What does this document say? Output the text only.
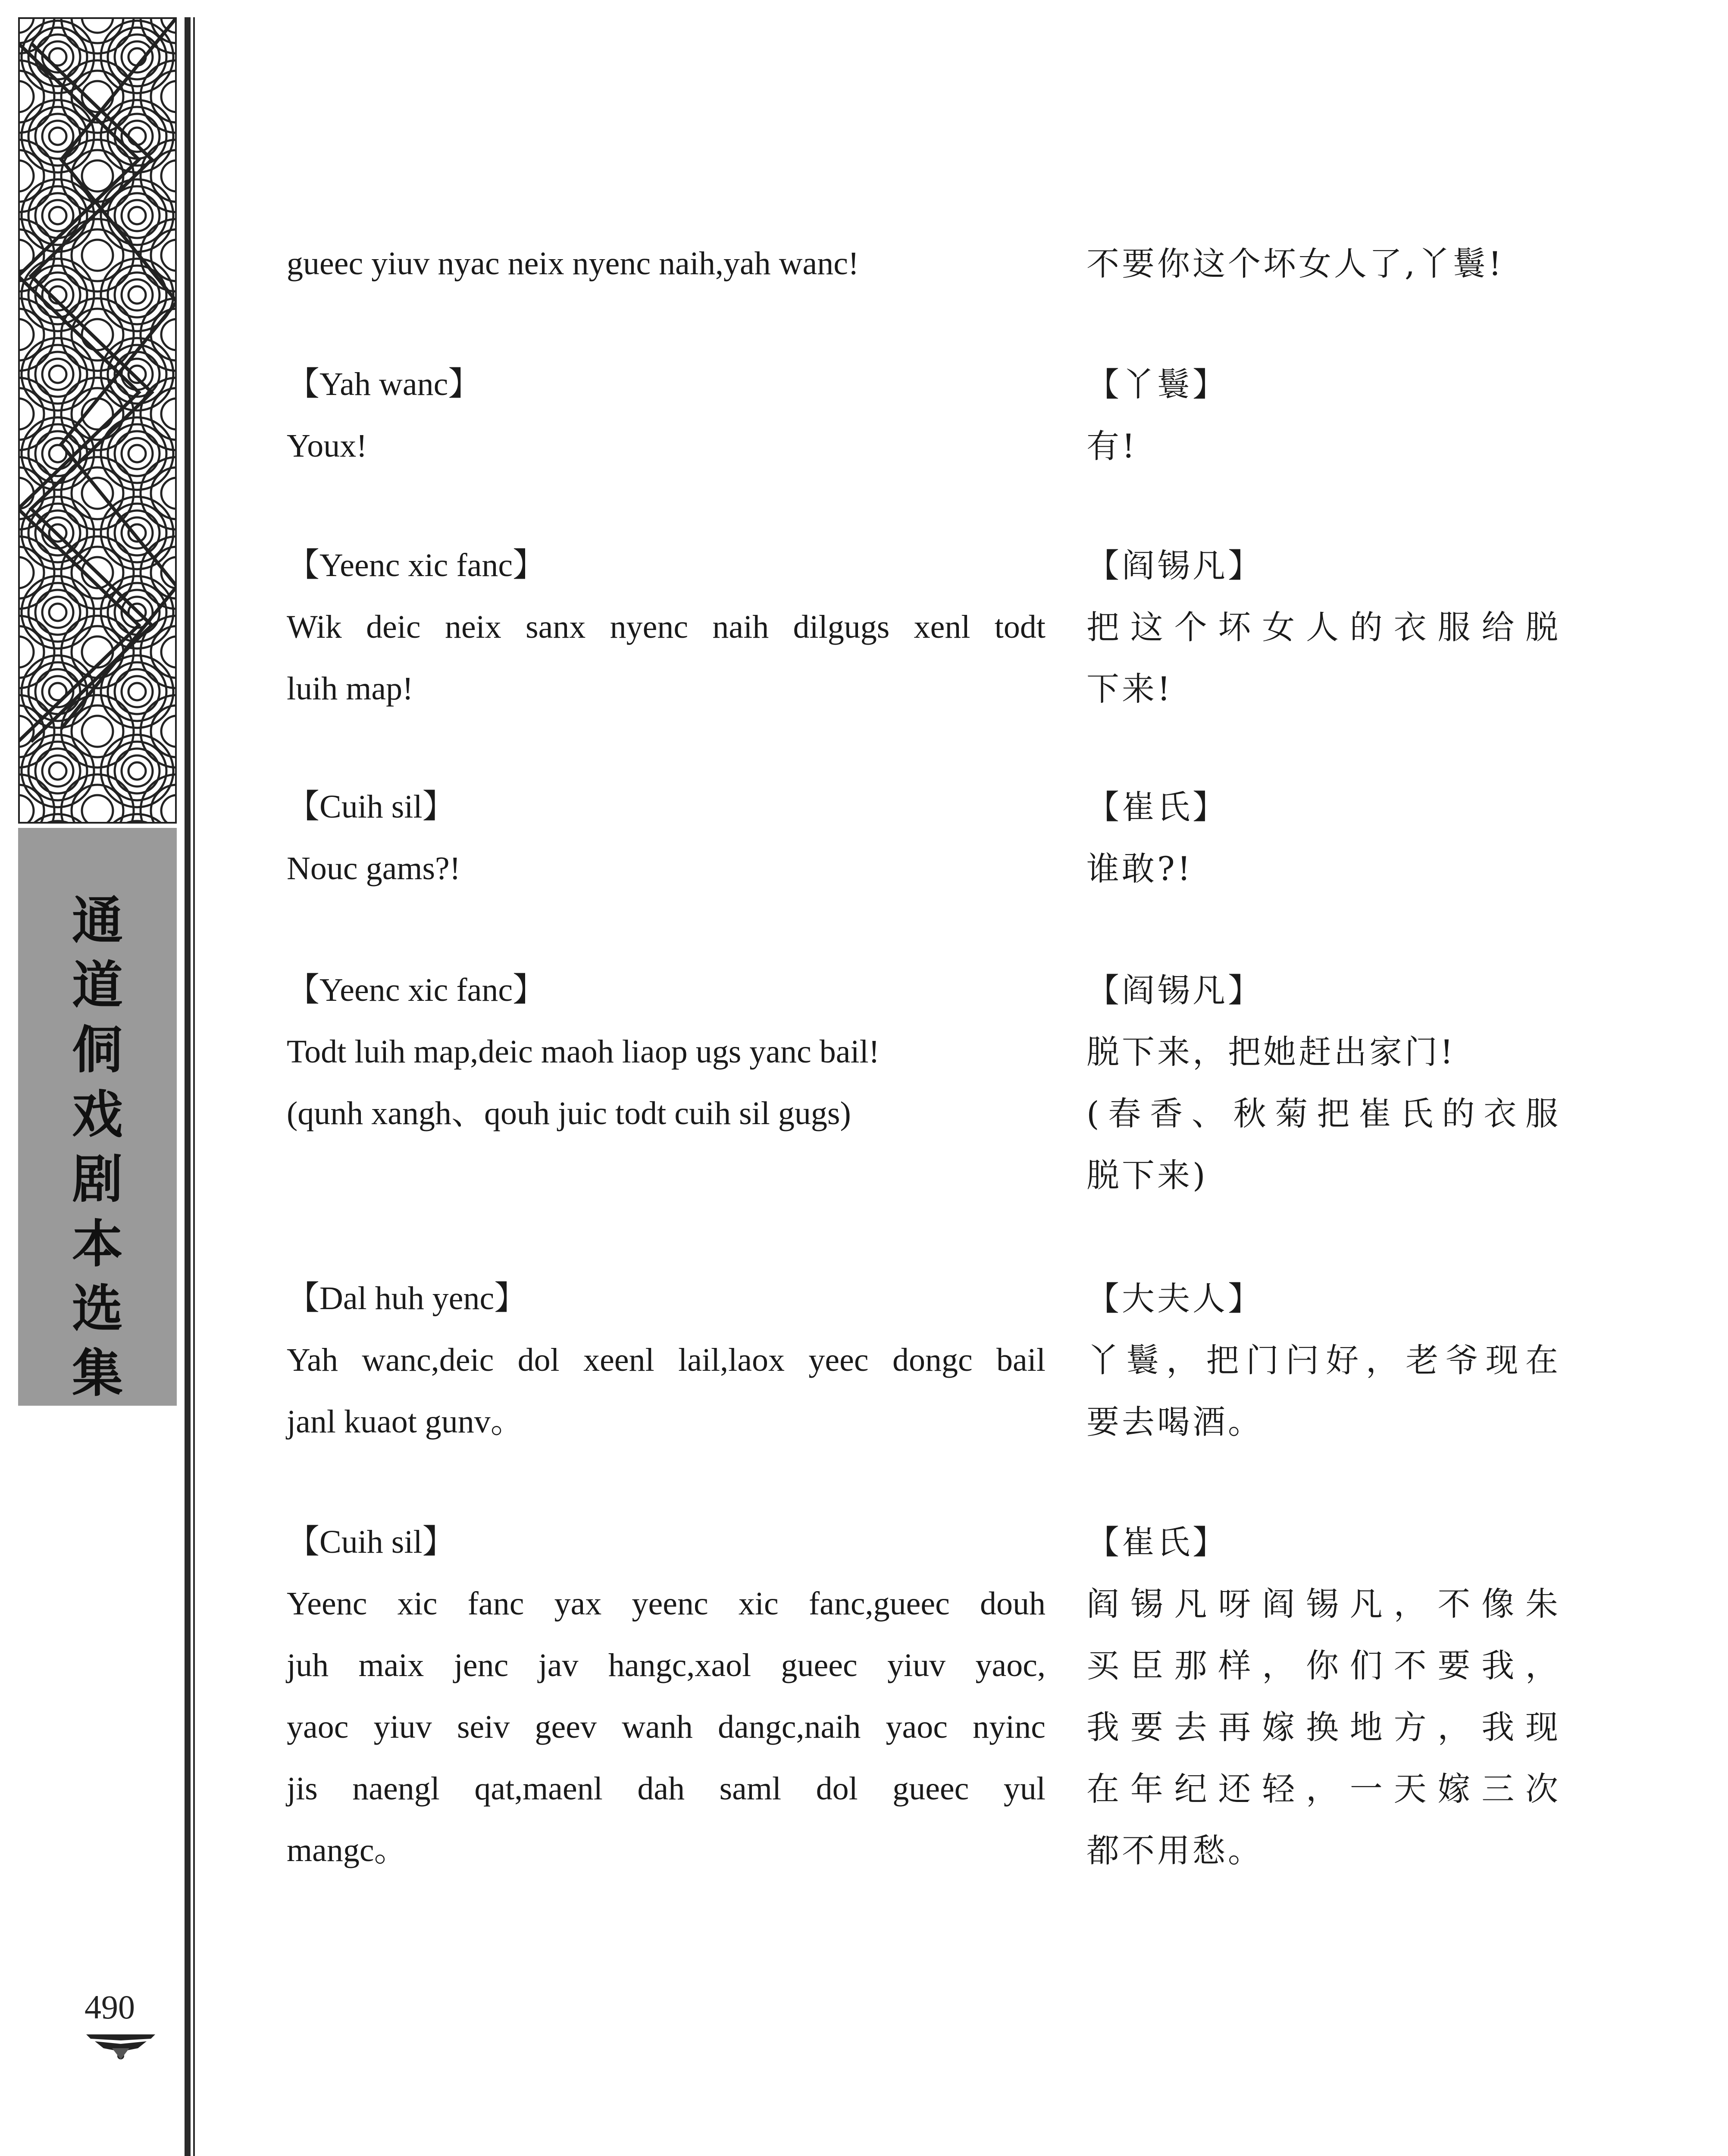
通
道
侗
戏
剧
本
选
集
490
gueec yiuv nyac neix nyenc naih,yah wanc!	不要你这个坏女人了,丫鬟!
【Yah wanc】
Youx!
【丫鬟】
有!
【Yeenc xic fanc】
Wik deic neix sanx nyenc naih dilgugs xenl todt
luih map!
【阎锡凡】
把这个坏女人的衣服给脱
下来!
【Cuih sil】
Nouc gams?!
【崔氏】
谁敢?!
【Yeenc xic fanc】
Todt luih map,deic maoh liaop ugs yanc bail!
(qunh xangh、qouh juic todt cuih sil gugs)
【阎锡凡】
脱下来，把她赶出家门!
(春香、秋菊把崔氏的衣服
脱下来)
【Dal huh yenc】
Yah wanc,deic dol xeenl lail,laox yeec dongc bail
janl kuaot gunv。
【大夫人】
丫鬟，把门闩好，老爷现在
要去喝酒。
【Cuih sil】
Yeenc xic fanc yax yeenc xic fanc,gueec douh
juh maix jenc jav hangc,xaol gueec yiuv yaoc,
yaoc yiuv seiv geev wanh dangc,naih yaoc nyinc
jis naengl qat,maenl dah saml dol gueec yul
mangc。
【崔氏】
阎锡凡呀阎锡凡，不像朱
买臣那样，你们不要我，
我要去再嫁换地方，我现
在年纪还轻，一天嫁三次
都不用愁。
